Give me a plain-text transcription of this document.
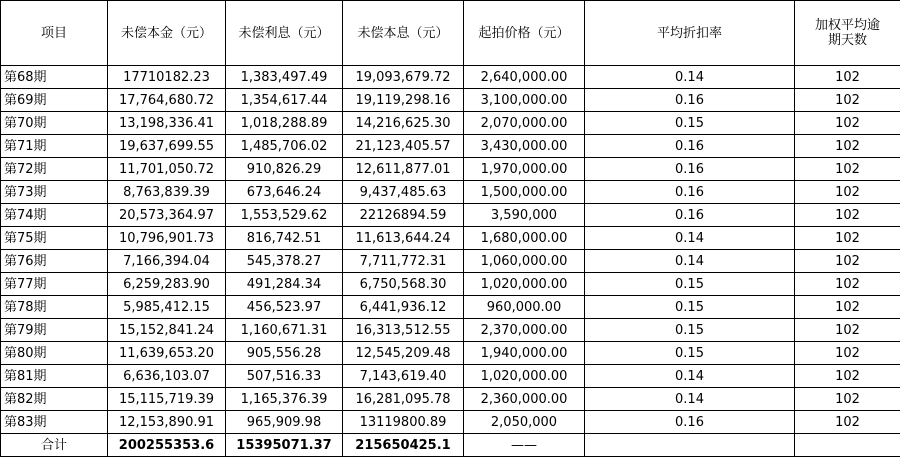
项目	未偿本金（元）	未偿利息（元）	未偿本息（元）	起拍价格（元）	平均折扣率	加权平均逾期天数
第68期	17710182.23	1,383,497.49	19,093,679.72	2,640,000.00	0.14	102
第69期	17,764,680.72	1,354,617.44	19,119,298.16	3,100,000.00	0.16	102
第70期	13,198,336.41	1,018,288.89	14,216,625.30	2,070,000.00	0.15	102
第71期	19,637,699.55	1,485,706.02	21,123,405.57	3,430,000.00	0.16	102
第72期	11,701,050.72	910,826.29	12,611,877.01	1,970,000.00	0.16	102
第73期	8,763,839.39	673,646.24	9,437,485.63	1,500,000.00	0.16	102
第74期	20,573,364.97	1,553,529.62	22126894.59	3,590,000	0.16	102
第75期	10,796,901.73	816,742.51	11,613,644.24	1,680,000.00	0.14	102
第76期	7,166,394.04	545,378.27	7,711,772.31	1,060,000.00	0.14	102
第77期	6,259,283.90	491,284.34	6,750,568.30	1,020,000.00	0.15	102
第78期	5,985,412.15	456,523.97	6,441,936.12	960,000.00	0.15	102
第79期	15,152,841.24	1,160,671.31	16,313,512.55	2,370,000.00	0.15	102
第80期	11,639,653.20	905,556.28	12,545,209.48	1,940,000.00	0.15	102
第81期	6,636,103.07	507,516.33	7,143,619.40	1,020,000.00	0.14	102
第82期	15,115,719.39	1,165,376.39	16,281,095.78	2,360,000.00	0.14	102
第83期	12,153,890.91	965,909.98	13119800.89	2,050,000	0.16	102
合计	200255353.6	15395071.37	215650425.1	——		
